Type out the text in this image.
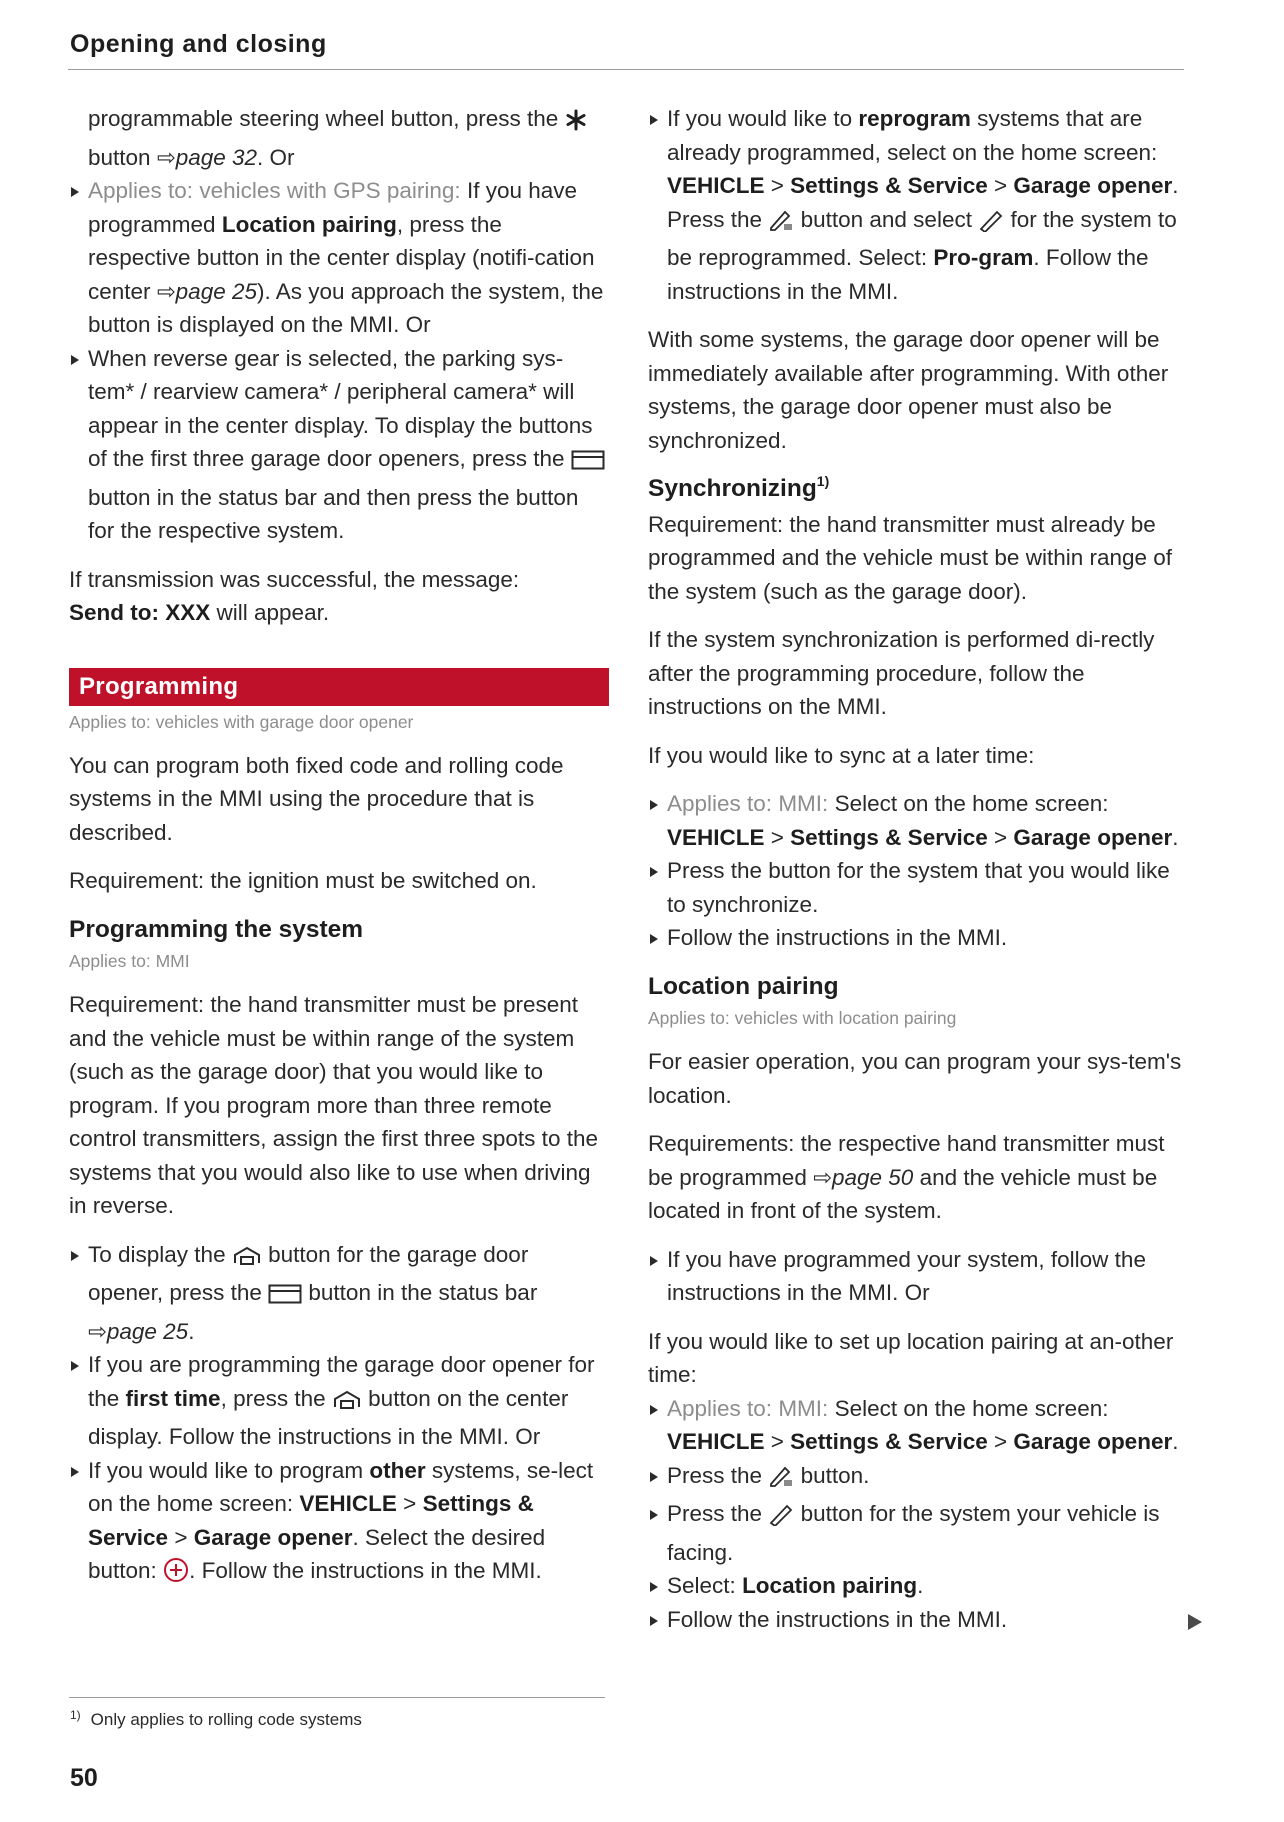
Opening and closing
programmable steering wheel button, press the  button ⇨page 32. Or
Applies to: vehicles with GPS pairing: If you have programmed Location pairing, press the respective button in the center display (notifi-cation center ⇨page 25). As you approach the system, the button is displayed on the MMI. Or
When reverse gear is selected, the parking sys-tem* / rearview camera* / peripheral camera* will appear in the center display. To display the buttons of the first three garage door openers, press the  button in the status bar and then press the button for the respective system.

If transmission was successful, the message:
Send to: XXX will appear.

Programming
Applies to: vehicles with garage door opener

You can program both fixed code and rolling code systems in the MMI using the procedure that is described.

Requirement: the ignition must be switched on.

Programming the system
Applies to: MMI

Requirement: the hand transmitter must be present and the vehicle must be within range of the system (such as the garage door) that you would like to program. If you program more than three remote control transmitters, assign the first three spots to the systems that you would also like to use when driving in reverse.

To display the button for the garage door opener, press the button in the status bar
⇨page 25.
If you are programming the garage door opener for the first time, press the button on the center display. Follow the instructions in the MMI. Or
If you would like to program other systems, se-lect on the home screen: VEHICLE > Settings & Service > Garage opener. Select the desired button: . Follow the instructions in the MMI.
If you would like to reprogram systems that are already programmed, select on the home screen: VEHICLE > Settings & Service > Garage opener. Press the button and select for the system to be reprogrammed. Select: Pro-gram. Follow the instructions in the MMI.

With some systems, the garage door opener will be immediately available after programming. With other systems, the garage door opener must also be synchronized.

Synchronizing$^{1)}$

Requirement: the hand transmitter must already be programmed and the vehicle must be within range of the system (such as the garage door).

If the system synchronization is performed di-rectly after the programming procedure, follow the instructions on the MMI.

If you would like to sync at a later time:

Applies to: MMI: Select on the home screen:
VEHICLE > Settings & Service > Garage opener.
Press the button for the system that you would like to synchronize.
Follow the instructions in the MMI.
Location pairing
Applies to: vehicles with location pairing

For easier operation, you can program your sys-tem's location.

Requirements: the respective hand transmitter must be programmed ⇨page 50 and the vehicle must be located in front of the system.

If you have programmed your system, follow the instructions in the MMI. Or

If you would like to set up location pairing at an-other time:

Applies to: MMI: Select on the home screen:
VEHICLE > Settings & Service > Garage opener.
Press the button.
Press the button for the system your vehicle is facing.
Select: Location pairing.
Follow the instructions in the MMI.
$^{1)}$ Only applies to rolling code systems
50
